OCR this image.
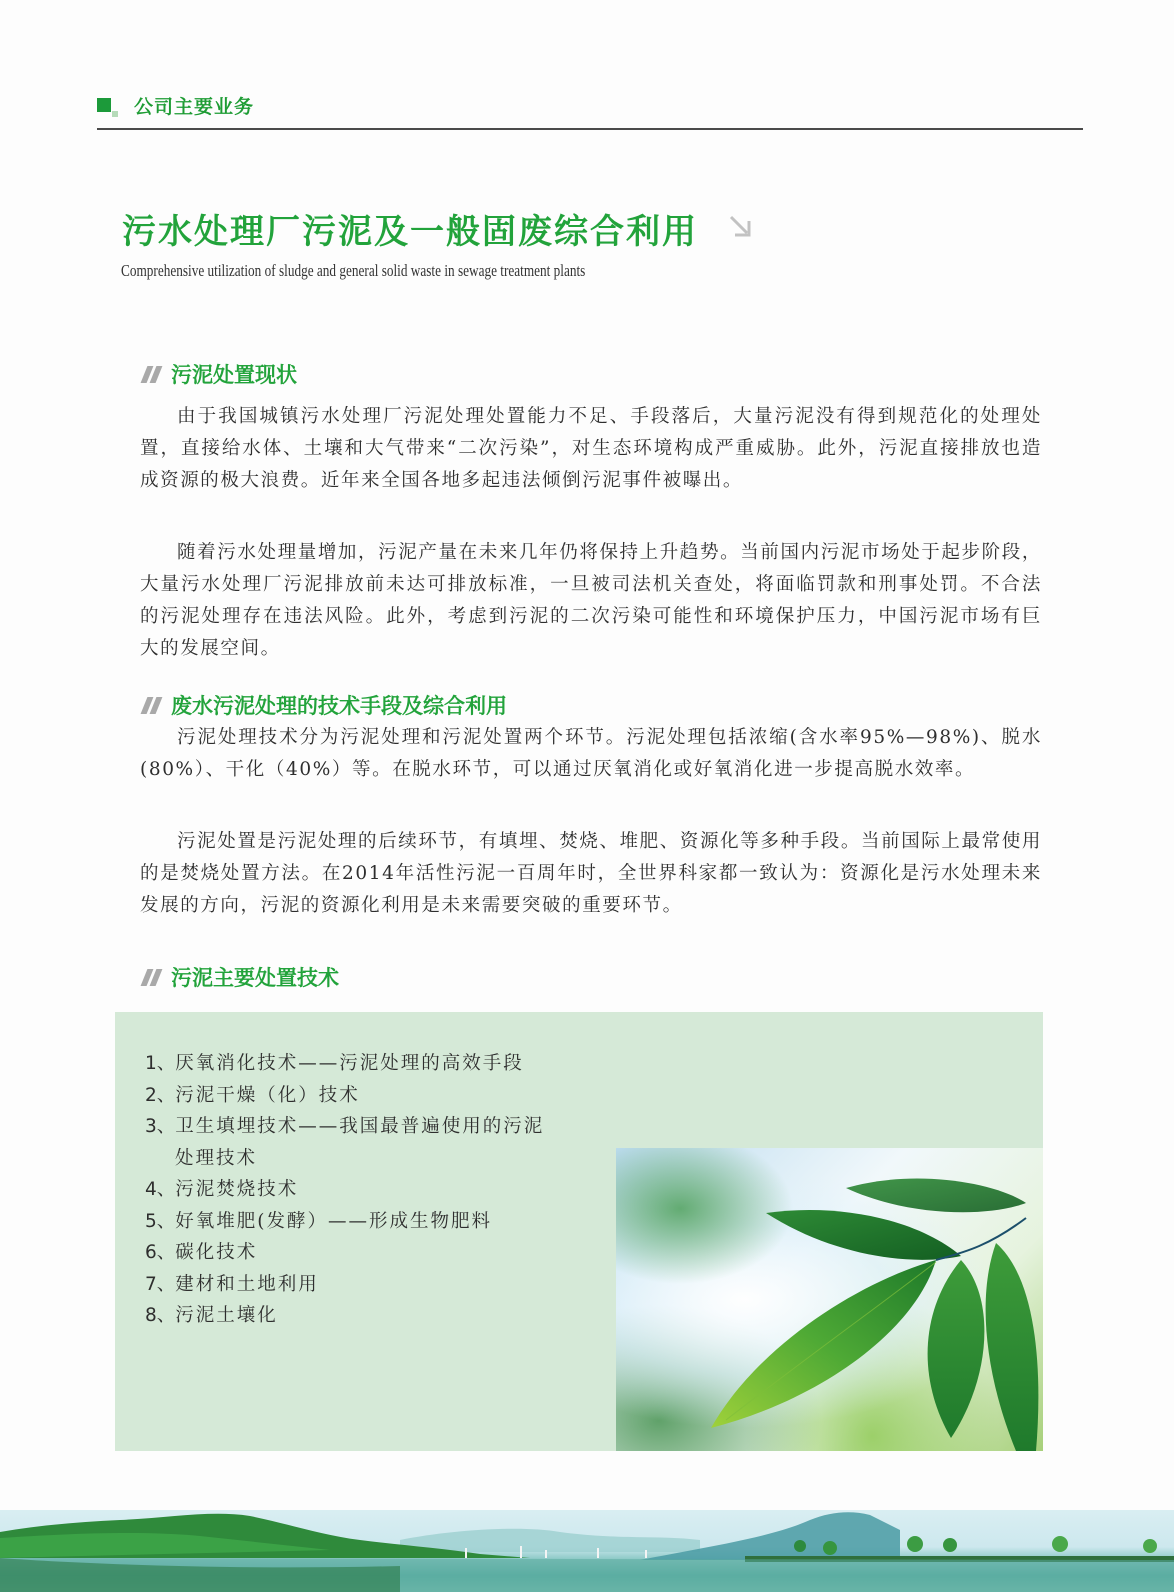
公司主要业务
污水处理厂污泥及一般固废综合利用
Comprehensive utilization of sludge and general solid waste in sewage treatment plants
污泥处置现状

由于我国城镇污水处理厂污泥处理处置能力不足、手段落后，大量污泥没有得到规范化的处理处置，直接给水体、土壤和大气带来“二次污染”，对生态环境构成严重威胁。此外，污泥直接排放也造成资源的极大浪费。近年来全国各地多起违法倾倒污泥事件被曝出。

随着污水处理量增加，污泥产量在未来几年仍将保持上升趋势。当前国内污泥市场处于起步阶段，大量污水处理厂污泥排放前未达可排放标准，一旦被司法机关查处，将面临罚款和刑事处罚。不合法的污泥处理存在违法风险。此外，考虑到污泥的二次污染可能性和环境保护压力，中国污泥市场有巨大的发展空间。

废水污泥处理的技术手段及综合利用

污泥处理技术分为污泥处理和污泥处置两个环节。污泥处理包括浓缩(含水率95%—98%)、脱水(80%）、干化（40%）等。在脱水环节，可以通过厌氧消化或好氧消化进一步提高脱水效率。

污泥处置是污泥处理的后续环节，有填埋、焚烧、堆肥、资源化等多种手段。当前国际上最常使用的是焚烧处置方法。在2014年活性污泥一百周年时，全世界科家都一致认为：资源化是污水处理未来发展的方向，污泥的资源化利用是未来需要突破的重要环节。

污泥主要处置技术
1、厌氧消化技术——污泥处理的高效手段
2、污泥干燥（化）技术
3、卫生填埋技术——我国最普遍使用的污泥
处理技术
4、污泥焚烧技术
5、好氧堆肥(发酵）——形成生物肥料
6、碳化技术
7、建材和土地利用
8、污泥土壤化
